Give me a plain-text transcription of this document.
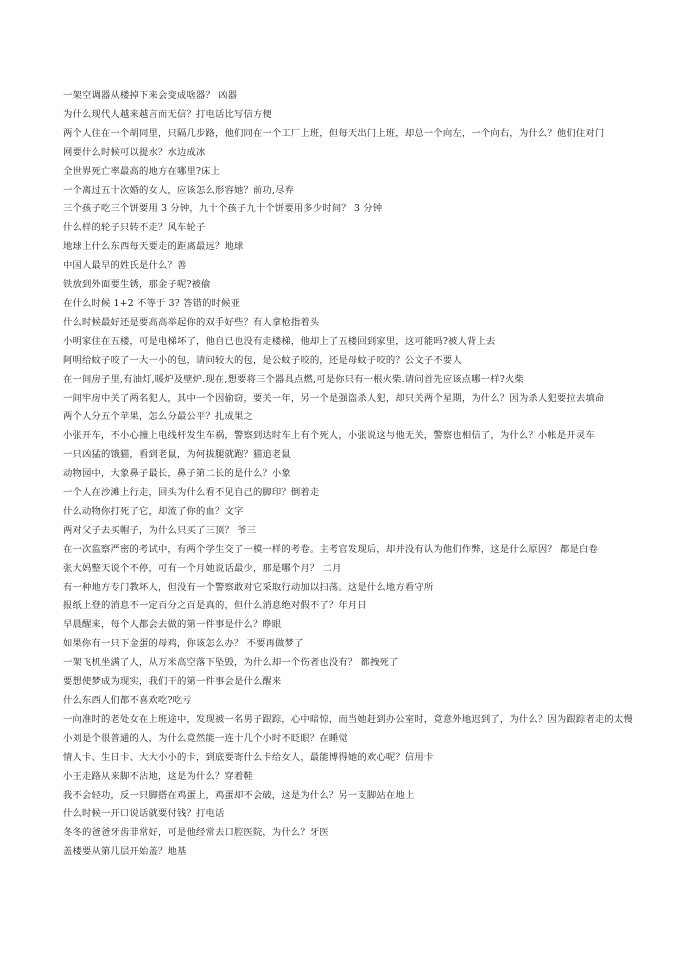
一架空调器从楼掉下来会变成啥器？ 凶器
为什么现代人越来越言而无信？打电话比写信方便
两个人住在一个胡同里，只隔几步路，他们同在一个工厂上班，但每天出门上班，却总一个向左，一个向右，为什么？他们住对门
网要什么时候可以提水？水边成冰
全世界死亡率最高的地方在哪里?床上
一个离过五十次婚的女人，应该怎么形容她？前功,尽弃
三个孩子吃三个饼要用 3 分钟，九十个孩子九十个饼要用多少时间？ 3 分钟
什么样的轮子只转不走？风车轮子
地球上什么东西每天要走的距离最远？地球
中国人最早的姓氏是什么？善
铁放到外面要生锈，那金子呢?被偷
在什么时候 1+2 不等于 3? 答错的时候亚
什么时候最好还是要高高举起你的双手好些？有人拿枪指着头
小明家住在五楼，可是电梯坏了，他自已也没有走楼梯，他却上了五楼回到家里，这可能吗?被人背上去
阿明给蚊子咬了一大一小的包，请问较大的包，是公蚊子咬的，还是母蚊子咬的？公文子不要人
在一间房子里,有油灯,暖炉及壁炉.现在,想要将三个器具点燃,可是你只有一根火柴.请问首先应该点哪一样?火柴
一间牢房中关了两名犯人，其中一个因偷窃，要关一年，另一个是强盗杀人犯，却只关两个星期，为什么？因为杀人犯要拉去填命
两个人分五个苹果，怎么分最公平？扎成果之
小张开车，不小心撞上电线杆发生车祸，警察到达时车上有个死人，小张说这与他无关，警察也相信了，为什么？小帐是开灵车
一只凶猛的饿猫，看到老鼠，为何拔腿就跑？猫追老鼠
动物园中，大象鼻子最长，鼻子第二长的是什么？小象
一个人在沙滩上行走，回头为什么看不见自己的脚印？倒着走
什么动物你打死了它，却流了你的血？文字
两对父子去买帽子，为什么只买了三顶？ 爷三
在一次监察严密的考试中，有两个学生交了一模一样的考卷。主考官发现后，却并没有认为他们作弊，这是什么原因？ 都是白卷
张大妈整天说个不停，可有一个月她说话最少，那是哪个月？ 二月
有一种地方专门教坏人，但没有一个警察敢对它采取行动加以扫荡。这是什么地方看守所
报纸上登的消息不一定百分之百是真的，但什么消息绝对假不了？年月日
早晨醒来，每个人都会去做的第一件事是什么？睁眼
如果你有一只下金蛋的母鸡，你该怎么办？ 不要再做梦了
一架飞机坐满了人，从万米高空落下坠毁，为什么却一个伤者也没有？ 都拽死了
要想使梦成为现实，我们干的第一件事会是什么醒来
什么东西人们都不喜欢吃?吃亏
一向准时的老处女在上班途中，发现被一名男子跟踪，心中暗惊，而当她赶到办公室时，竟意外地迟到了，为什么？因为跟踪者走的太慢
小刘是个很普通的人，为什么竟然能一连十几个小时不眨眼？在睡觉
情人卡、生日卡、大大小小的卡，到底要寄什么卡给女人，最能博得她的欢心呢？信用卡
小王走路从来脚不沾地，这是为什么？穿着鞋
我不会轻功，反一只脚搭在鸡蛋上，鸡蛋却不会破，这是为什么？另一支脚站在地上
什么时候一开口说话就要付钱？打电话
冬冬的爸爸牙齿非常好，可是他经常去口腔医院，为什么？牙医
盖楼要从第几层开始盖？地基
